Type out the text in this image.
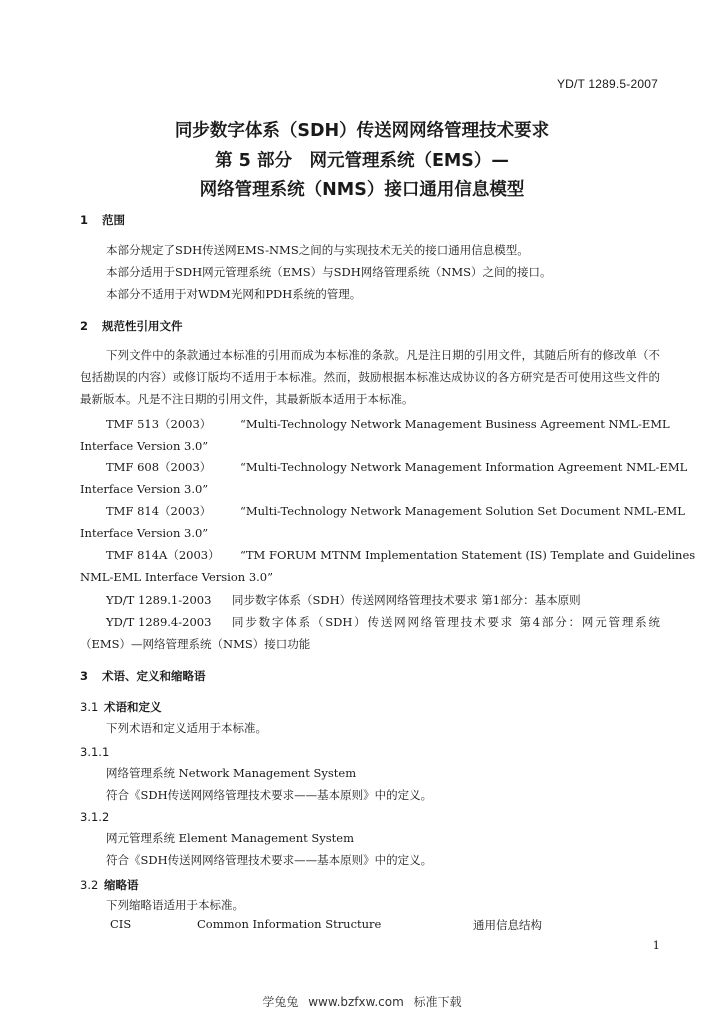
YD/T 1289.5-2007
同步数字体系（SDH）传送网网络管理技术要求
第 5 部分　网元管理系统（EMS）—
网络管理系统（NMS）接口通用信息模型
1 范围
本部分规定了SDH传送网EMS-NMS之间的与实现技术无关的接口通用信息模型。
本部分适用于SDH网元管理系统（EMS）与SDH网络管理系统（NMS）之间的接口。
本部分不适用于对WDM光网和PDH系统的管理。
2 规范性引用文件
下列文件中的条款通过本标准的引用而成为本标准的条款。凡是注日期的引用文件，其随后所有的修改单（不包括勘误的内容）或修订版均不适用于本标准。然而，鼓励根据本标准达成协议的各方研究是否可使用这些文件的最新版本。凡是不注日期的引用文件，其最新版本适用于本标准。
TMF 513（2003） “Multi-Technology Network Management Business Agreement NML-EML
Interface Version 3.0”
TMF 608（2003） “Multi-Technology Network Management Information Agreement NML-EML
Interface Version 3.0”
TMF 814（2003） “Multi-Technology Network Management Solution Set Document NML-EML
Interface Version 3.0”
TMF 814A（2003） “TM FORUM MTNM Implementation Statement (IS) Template and Guidelines
NML-EML Interface Version 3.0”
YD/T 1289.1-2003 同步数字体系（SDH）传送网网络管理技术要求 第1部分：基本原则
YD/T 1289.4-2003 同步数字体系（SDH）传送网网络管理技术要求 第4部分：网元管理系统
（EMS）—网络管理系统（NMS）接口功能
3 术语、定义和缩略语
3.1 术语和定义
下列术语和定义适用于本标准。
3.1.1
网络管理系统 Network Management System
符合《SDH传送网网络管理技术要求——基本原则》中的定义。
3.1.2
网元管理系统 Element Management System
符合《SDH传送网网络管理技术要求——基本原则》中的定义。
3.2 缩略语
下列缩略语适用于本标准。
CIS	Common Information Structure	通用信息结构
1
学兔兔 www.bzfxw.com 标准下载
